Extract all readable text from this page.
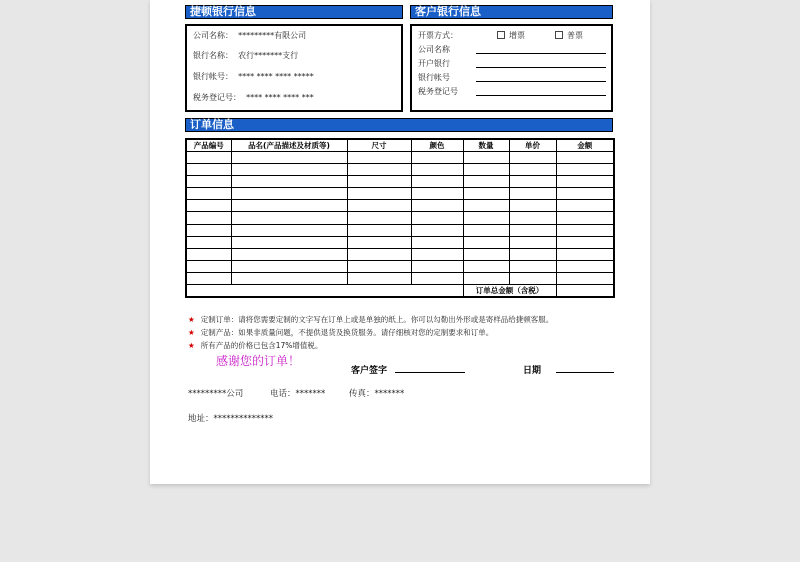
捷顿银行信息
公司名称： *********有限公司
银行名称： 农行*******支行
银行帐号： **** **** **** *****
税务登记号： **** **** **** ***
客户银行信息
开票方式：	增票	普票
公司名称
开户银行
银行帐号
税务登记号
订单信息
产品编号	品名(产品描述及材质等)	尺寸	颜色	数量	单价	金额

				订单总金额（含税）		
★ 定制订单：请将您需要定制的文字写在订单上或是单独的纸上。你可以勾勒出外形或是寄样品给捷顿客服。
★ 定制产品：如果非质量问题，不提供退货及换货服务。请仔细核对您的定制要求和订单。
★ 所有产品的价格已包含17%增值税。
感谢您的订单！
客户签字	日期
*********公司	电话：*******	传真：*******
地址：**************
